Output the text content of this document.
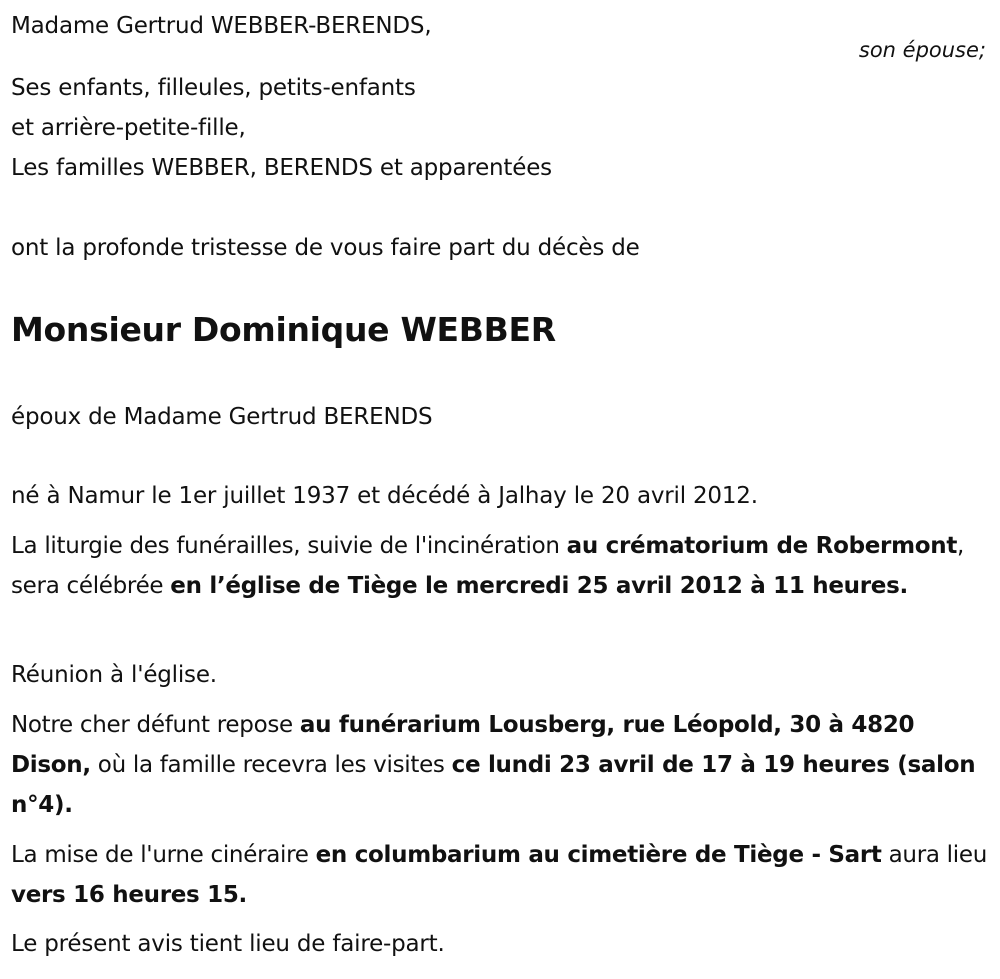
Madame Gertrud WEBBER-BERENDS,
son épouse;
Ses enfants, filleules, petits-enfants
et arrière-petite-fille,
Les familles WEBBER, BERENDS et apparentées
ont la profonde tristesse de vous faire part du décès de
Monsieur Dominique WEBBER
époux de Madame Gertrud BERENDS
né à Namur le 1er juillet 1937 et décédé à Jalhay le 20 avril 2012.
La liturgie des funérailles, suivie de l'incinération au crématorium de Robermont, sera célébrée en l’église de Tiège le mercredi 25 avril 2012 à 11 heures.
Réunion à l'église.
Notre cher défunt repose au funérarium Lousberg, rue Léopold, 30 à 4820 Dison, où la famille recevra les visites ce lundi 23 avril de 17 à 19 heures (salon n°4).
La mise de l'urne cinéraire en columbarium au cimetière de Tiège - Sart aura lieu vers 16 heures 15.
Le présent avis tient lieu de faire-part.
